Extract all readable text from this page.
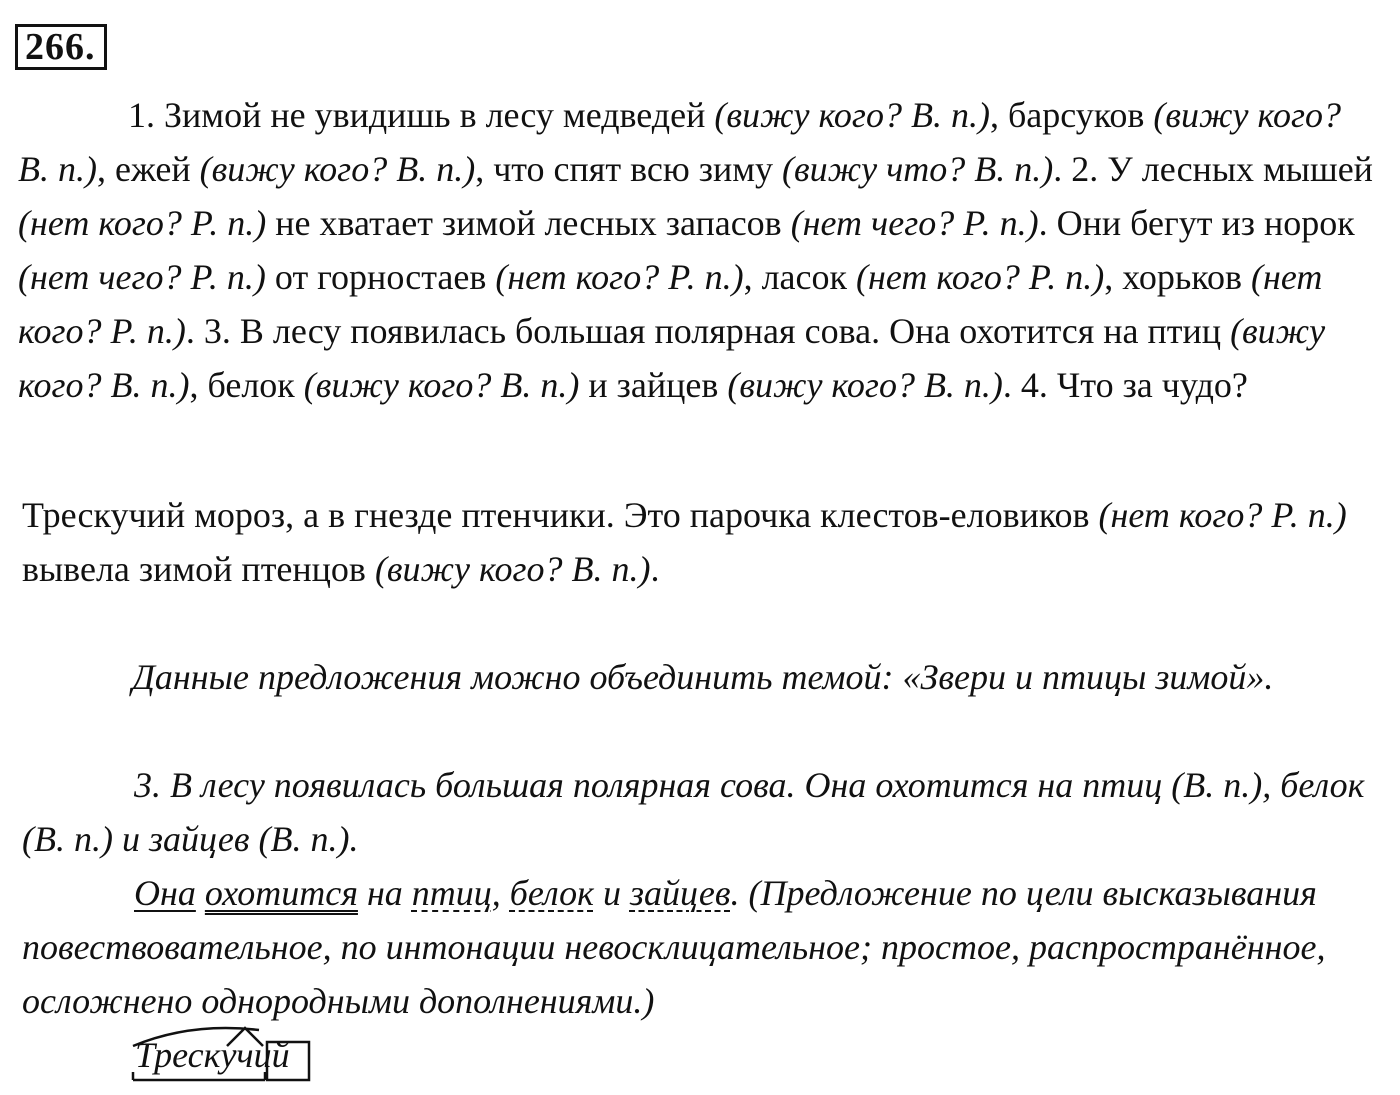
266.

1. Зимой не увидишь в лесу медведей (вижу кого? В. п.), барсуков (вижу кого? В. п.), ежей (вижу кого? В. п.), что спят всю зиму (вижу что? В. п.). 2. У лесных мышей (нет кого? Р. п.) не хватает зимой лесных запасов (нет чего? Р. п.). Они бегут из норок (нет чего? Р. п.) от горностаев (нет кого? Р. п.), ласок (нет кого? Р. п.), хорьков (нет кого? Р. п.). 3. В лесу появилась большая полярная сова. Она охотится на птиц (вижу кого? В. п.), белок (вижу кого? В. п.) и зайцев (вижу кого? В. п.). 4. Что за чудо?

Трескучий мороз, а в гнезде птенчики. Это парочка клестов-еловиков (нет кого? Р. п.) вывела зимой птенцов (вижу кого? В. п.).

Данные предложения можно объединить темой: «Звери и птицы зимой».

3. В лесу появилась большая полярная сова. Она охотится на птиц (В. п.), белок (В. п.) и зайцев (В. п.).

Она охотится на птиц, белок и зайцев. (Предложение по цели высказывания повествовательное, по интонации невосклицательное; простое, распространённое, осложнено однородными дополнениями.)

Трескучий
